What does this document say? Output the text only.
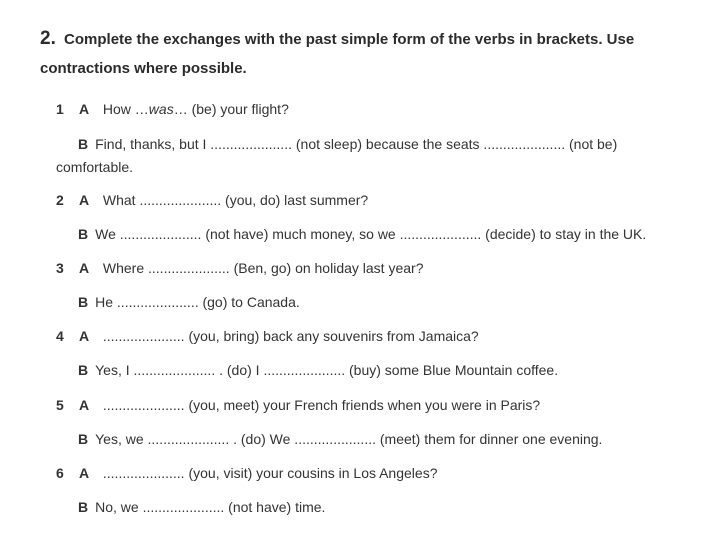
2. Complete the exchanges with the past simple form of the verbs in brackets. Use contractions where possible.
1 A How …was… (be) your flight?
B Find, thanks, but I ..................... (not sleep) because the seats ..................... (not be)
comfortable.
2 A What ..................... (you, do) last summer?
B We ..................... (not have) much money, so we ..................... (decide) to stay in the UK.
3 A Where ..................... (Ben, go) on holiday last year?
B He ..................... (go) to Canada.
4 A ..................... (you, bring) back any souvenirs from Jamaica?
B Yes, I ..................... . (do) I ..................... (buy) some Blue Mountain coffee.
5 A ..................... (you, meet) your French friends when you were in Paris?
B Yes, we ..................... . (do) We ..................... (meet) them for dinner one evening.
6 A ..................... (you, visit) your cousins in Los Angeles?
B No, we ..................... (not have) time.
